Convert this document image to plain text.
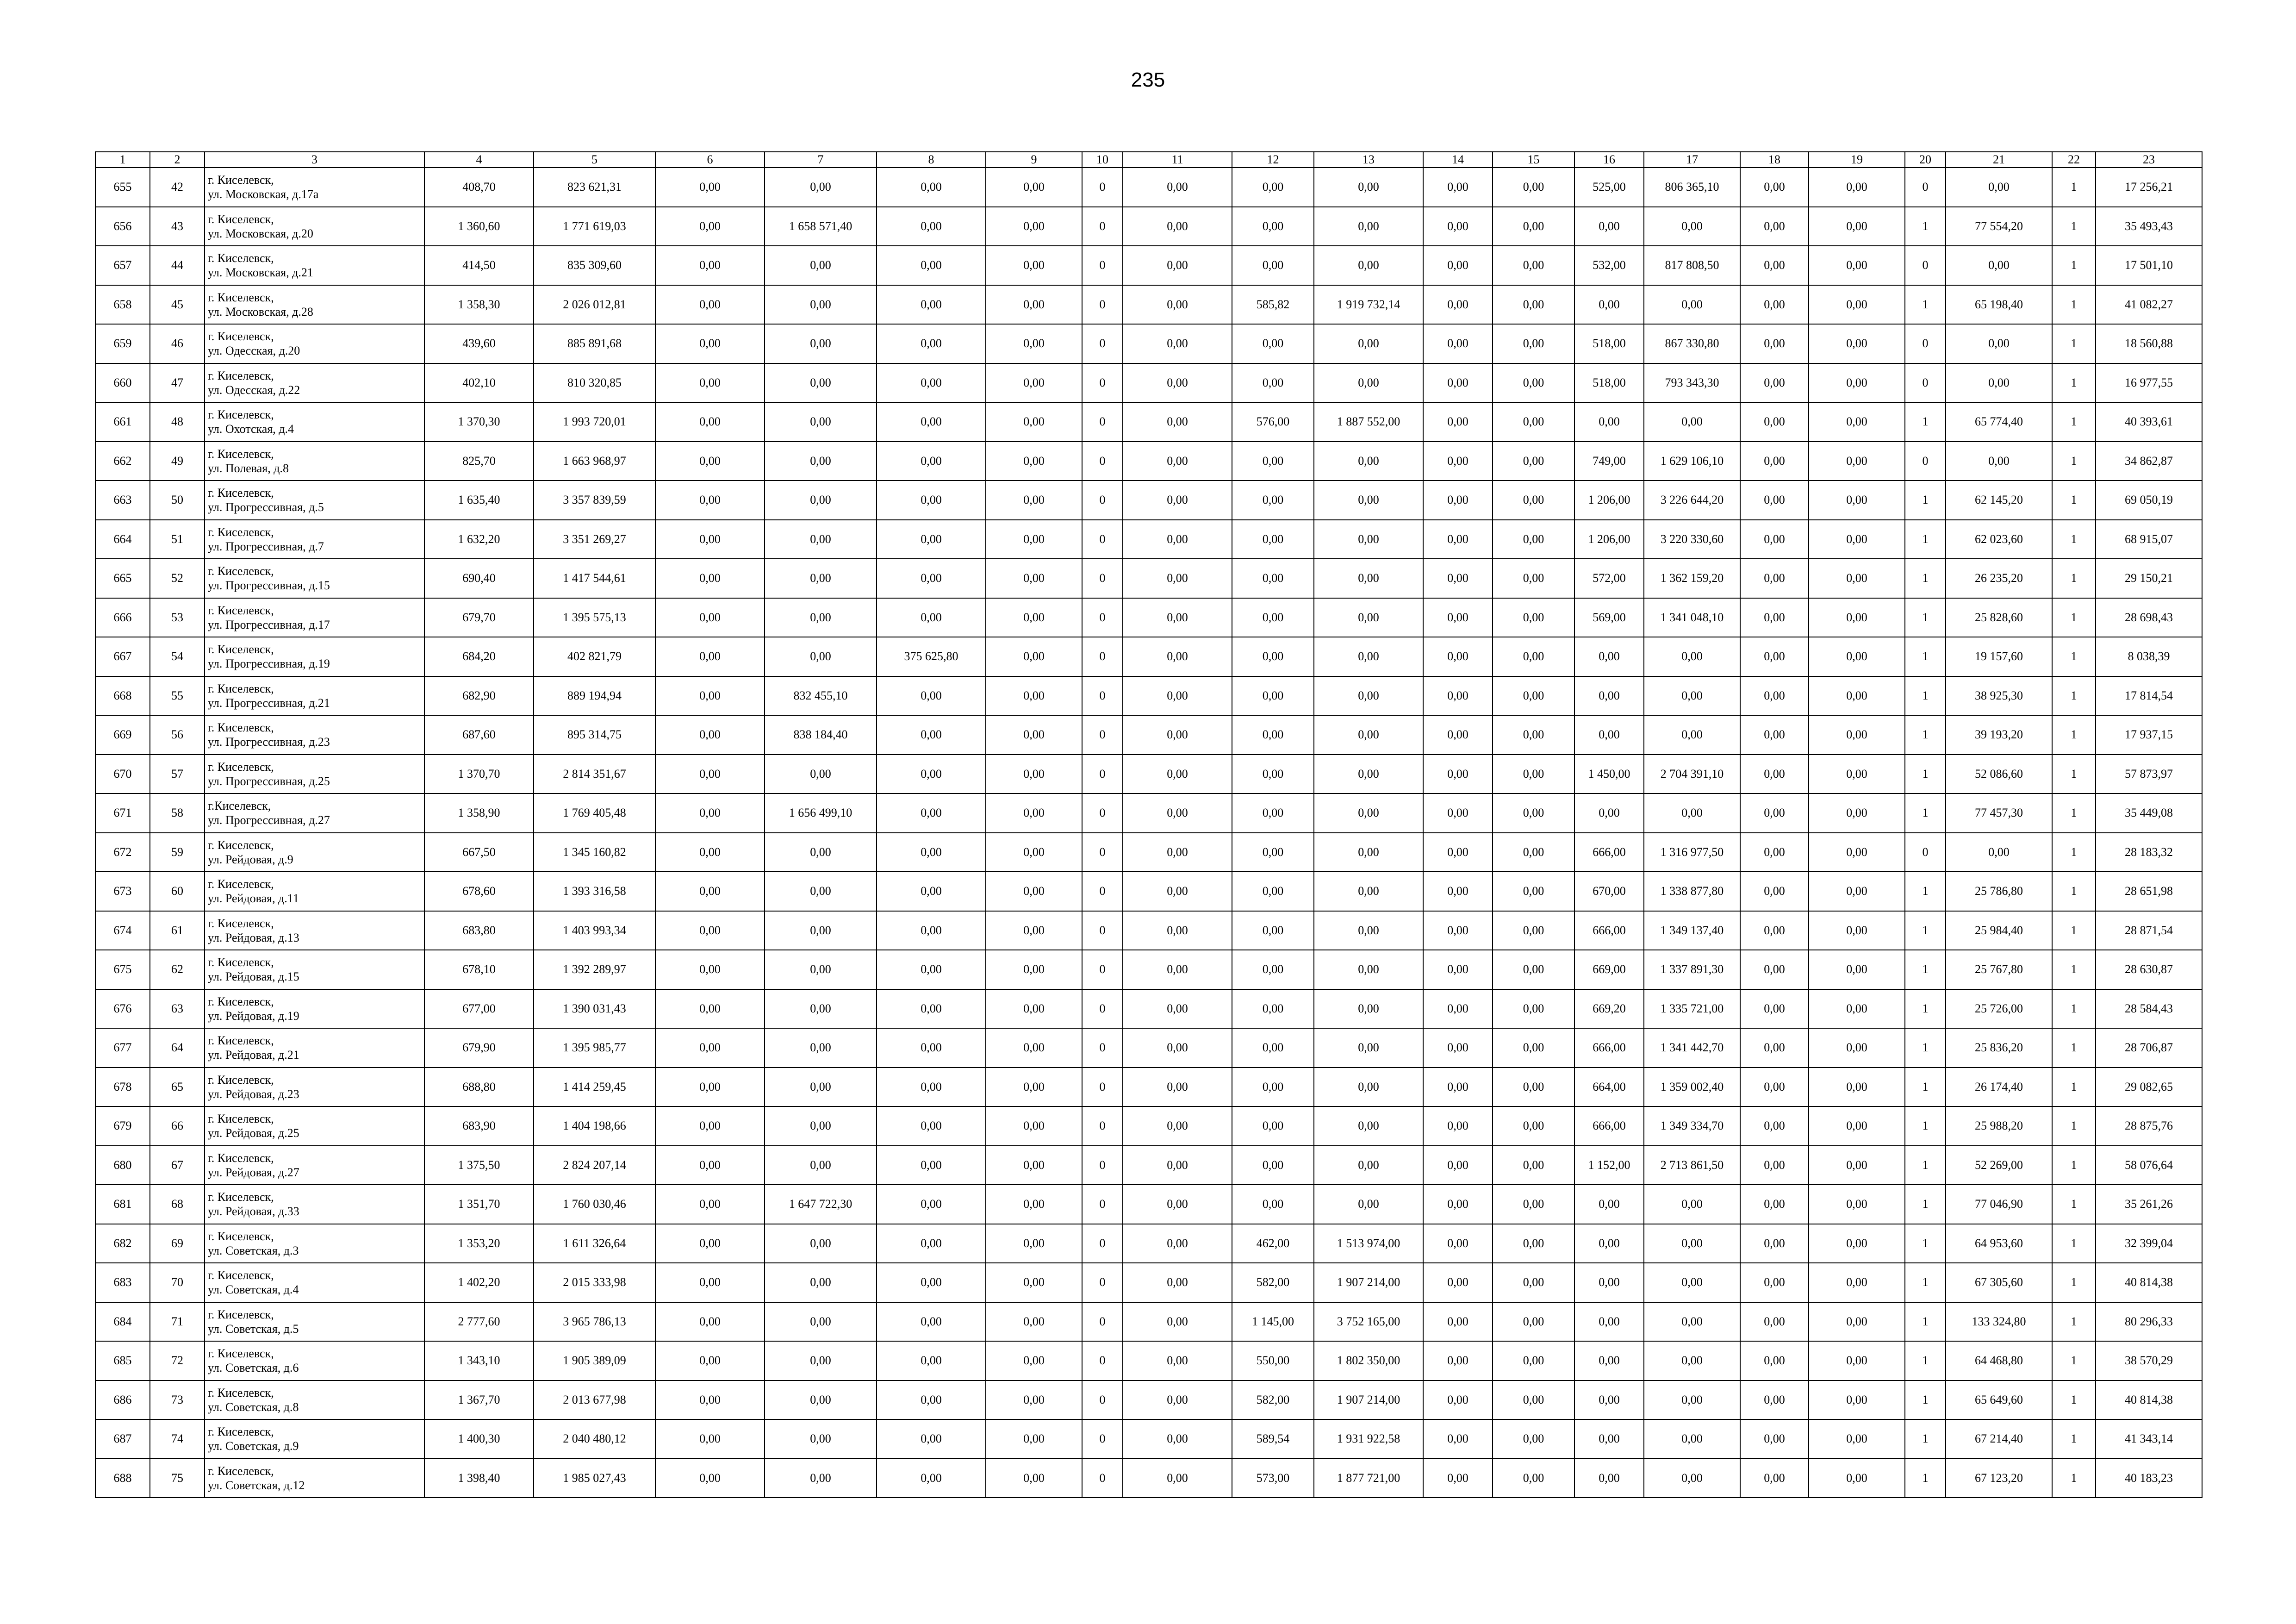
235
1	2	3	4	5	6	7	8	9	10	11	12	13	14	15	16	17	18	19	20	21	22	23
655	42	г. Киселевск,
ул. Московская, д.17а	408,70	823 621,31	0,00	0,00	0,00	0,00	0	0,00	0,00	0,00	0,00	0,00	525,00	806 365,10	0,00	0,00	0	0,00	1	17 256,21
656	43	г. Киселевск,
ул. Московская, д.20	1 360,60	1 771 619,03	0,00	1 658 571,40	0,00	0,00	0	0,00	0,00	0,00	0,00	0,00	0,00	0,00	0,00	0,00	1	77 554,20	1	35 493,43
657	44	г. Киселевск,
ул. Московская, д.21	414,50	835 309,60	0,00	0,00	0,00	0,00	0	0,00	0,00	0,00	0,00	0,00	532,00	817 808,50	0,00	0,00	0	0,00	1	17 501,10
658	45	г. Киселевск,
ул. Московская, д.28	1 358,30	2 026 012,81	0,00	0,00	0,00	0,00	0	0,00	585,82	1 919 732,14	0,00	0,00	0,00	0,00	0,00	0,00	1	65 198,40	1	41 082,27
659	46	г. Киселевск,
ул. Одесская, д.20	439,60	885 891,68	0,00	0,00	0,00	0,00	0	0,00	0,00	0,00	0,00	0,00	518,00	867 330,80	0,00	0,00	0	0,00	1	18 560,88
660	47	г. Киселевск,
ул. Одесская, д.22	402,10	810 320,85	0,00	0,00	0,00	0,00	0	0,00	0,00	0,00	0,00	0,00	518,00	793 343,30	0,00	0,00	0	0,00	1	16 977,55
661	48	г. Киселевск,
ул. Охотская, д.4	1 370,30	1 993 720,01	0,00	0,00	0,00	0,00	0	0,00	576,00	1 887 552,00	0,00	0,00	0,00	0,00	0,00	0,00	1	65 774,40	1	40 393,61
662	49	г. Киселевск,
ул. Полевая, д.8	825,70	1 663 968,97	0,00	0,00	0,00	0,00	0	0,00	0,00	0,00	0,00	0,00	749,00	1 629 106,10	0,00	0,00	0	0,00	1	34 862,87
663	50	г. Киселевск,
ул. Прогрессивная, д.5	1 635,40	3 357 839,59	0,00	0,00	0,00	0,00	0	0,00	0,00	0,00	0,00	0,00	1 206,00	3 226 644,20	0,00	0,00	1	62 145,20	1	69 050,19
664	51	г. Киселевск,
ул. Прогрессивная, д.7	1 632,20	3 351 269,27	0,00	0,00	0,00	0,00	0	0,00	0,00	0,00	0,00	0,00	1 206,00	3 220 330,60	0,00	0,00	1	62 023,60	1	68 915,07
665	52	г. Киселевск,
ул. Прогрессивная, д.15	690,40	1 417 544,61	0,00	0,00	0,00	0,00	0	0,00	0,00	0,00	0,00	0,00	572,00	1 362 159,20	0,00	0,00	1	26 235,20	1	29 150,21
666	53	г. Киселевск,
ул. Прогрессивная, д.17	679,70	1 395 575,13	0,00	0,00	0,00	0,00	0	0,00	0,00	0,00	0,00	0,00	569,00	1 341 048,10	0,00	0,00	1	25 828,60	1	28 698,43
667	54	г. Киселевск,
ул. Прогрессивная, д.19	684,20	402 821,79	0,00	0,00	375 625,80	0,00	0	0,00	0,00	0,00	0,00	0,00	0,00	0,00	0,00	0,00	1	19 157,60	1	8 038,39
668	55	г. Киселевск,
ул. Прогрессивная, д.21	682,90	889 194,94	0,00	832 455,10	0,00	0,00	0	0,00	0,00	0,00	0,00	0,00	0,00	0,00	0,00	0,00	1	38 925,30	1	17 814,54
669	56	г. Киселевск,
ул. Прогрессивная, д.23	687,60	895 314,75	0,00	838 184,40	0,00	0,00	0	0,00	0,00	0,00	0,00	0,00	0,00	0,00	0,00	0,00	1	39 193,20	1	17 937,15
670	57	г. Киселевск,
ул. Прогрессивная, д.25	1 370,70	2 814 351,67	0,00	0,00	0,00	0,00	0	0,00	0,00	0,00	0,00	0,00	1 450,00	2 704 391,10	0,00	0,00	1	52 086,60	1	57 873,97
671	58	г.Киселевск,
ул. Прогрессивная, д.27	1 358,90	1 769 405,48	0,00	1 656 499,10	0,00	0,00	0	0,00	0,00	0,00	0,00	0,00	0,00	0,00	0,00	0,00	1	77 457,30	1	35 449,08
672	59	г. Киселевск,
ул. Рейдовая, д.9	667,50	1 345 160,82	0,00	0,00	0,00	0,00	0	0,00	0,00	0,00	0,00	0,00	666,00	1 316 977,50	0,00	0,00	0	0,00	1	28 183,32
673	60	г. Киселевск,
ул. Рейдовая, д.11	678,60	1 393 316,58	0,00	0,00	0,00	0,00	0	0,00	0,00	0,00	0,00	0,00	670,00	1 338 877,80	0,00	0,00	1	25 786,80	1	28 651,98
674	61	г. Киселевск,
ул. Рейдовая, д.13	683,80	1 403 993,34	0,00	0,00	0,00	0,00	0	0,00	0,00	0,00	0,00	0,00	666,00	1 349 137,40	0,00	0,00	1	25 984,40	1	28 871,54
675	62	г. Киселевск,
ул. Рейдовая, д.15	678,10	1 392 289,97	0,00	0,00	0,00	0,00	0	0,00	0,00	0,00	0,00	0,00	669,00	1 337 891,30	0,00	0,00	1	25 767,80	1	28 630,87
676	63	г. Киселевск,
ул. Рейдовая, д.19	677,00	1 390 031,43	0,00	0,00	0,00	0,00	0	0,00	0,00	0,00	0,00	0,00	669,20	1 335 721,00	0,00	0,00	1	25 726,00	1	28 584,43
677	64	г. Киселевск,
ул. Рейдовая, д.21	679,90	1 395 985,77	0,00	0,00	0,00	0,00	0	0,00	0,00	0,00	0,00	0,00	666,00	1 341 442,70	0,00	0,00	1	25 836,20	1	28 706,87
678	65	г. Киселевск,
ул. Рейдовая, д.23	688,80	1 414 259,45	0,00	0,00	0,00	0,00	0	0,00	0,00	0,00	0,00	0,00	664,00	1 359 002,40	0,00	0,00	1	26 174,40	1	29 082,65
679	66	г. Киселевск,
ул. Рейдовая, д.25	683,90	1 404 198,66	0,00	0,00	0,00	0,00	0	0,00	0,00	0,00	0,00	0,00	666,00	1 349 334,70	0,00	0,00	1	25 988,20	1	28 875,76
680	67	г. Киселевск,
ул. Рейдовая, д.27	1 375,50	2 824 207,14	0,00	0,00	0,00	0,00	0	0,00	0,00	0,00	0,00	0,00	1 152,00	2 713 861,50	0,00	0,00	1	52 269,00	1	58 076,64
681	68	г. Киселевск,
ул. Рейдовая, д.33	1 351,70	1 760 030,46	0,00	1 647 722,30	0,00	0,00	0	0,00	0,00	0,00	0,00	0,00	0,00	0,00	0,00	0,00	1	77 046,90	1	35 261,26
682	69	г. Киселевск,
ул. Советская, д.3	1 353,20	1 611 326,64	0,00	0,00	0,00	0,00	0	0,00	462,00	1 513 974,00	0,00	0,00	0,00	0,00	0,00	0,00	1	64 953,60	1	32 399,04
683	70	г. Киселевск,
ул. Советская, д.4	1 402,20	2 015 333,98	0,00	0,00	0,00	0,00	0	0,00	582,00	1 907 214,00	0,00	0,00	0,00	0,00	0,00	0,00	1	67 305,60	1	40 814,38
684	71	г. Киселевск,
ул. Советская, д.5	2 777,60	3 965 786,13	0,00	0,00	0,00	0,00	0	0,00	1 145,00	3 752 165,00	0,00	0,00	0,00	0,00	0,00	0,00	1	133 324,80	1	80 296,33
685	72	г. Киселевск,
ул. Советская, д.6	1 343,10	1 905 389,09	0,00	0,00	0,00	0,00	0	0,00	550,00	1 802 350,00	0,00	0,00	0,00	0,00	0,00	0,00	1	64 468,80	1	38 570,29
686	73	г. Киселевск,
ул. Советская, д.8	1 367,70	2 013 677,98	0,00	0,00	0,00	0,00	0	0,00	582,00	1 907 214,00	0,00	0,00	0,00	0,00	0,00	0,00	1	65 649,60	1	40 814,38
687	74	г. Киселевск,
ул. Советская, д.9	1 400,30	2 040 480,12	0,00	0,00	0,00	0,00	0	0,00	589,54	1 931 922,58	0,00	0,00	0,00	0,00	0,00	0,00	1	67 214,40	1	41 343,14
688	75	г. Киселевск,
ул. Советская, д.12	1 398,40	1 985 027,43	0,00	0,00	0,00	0,00	0	0,00	573,00	1 877 721,00	0,00	0,00	0,00	0,00	0,00	0,00	1	67 123,20	1	40 183,23
